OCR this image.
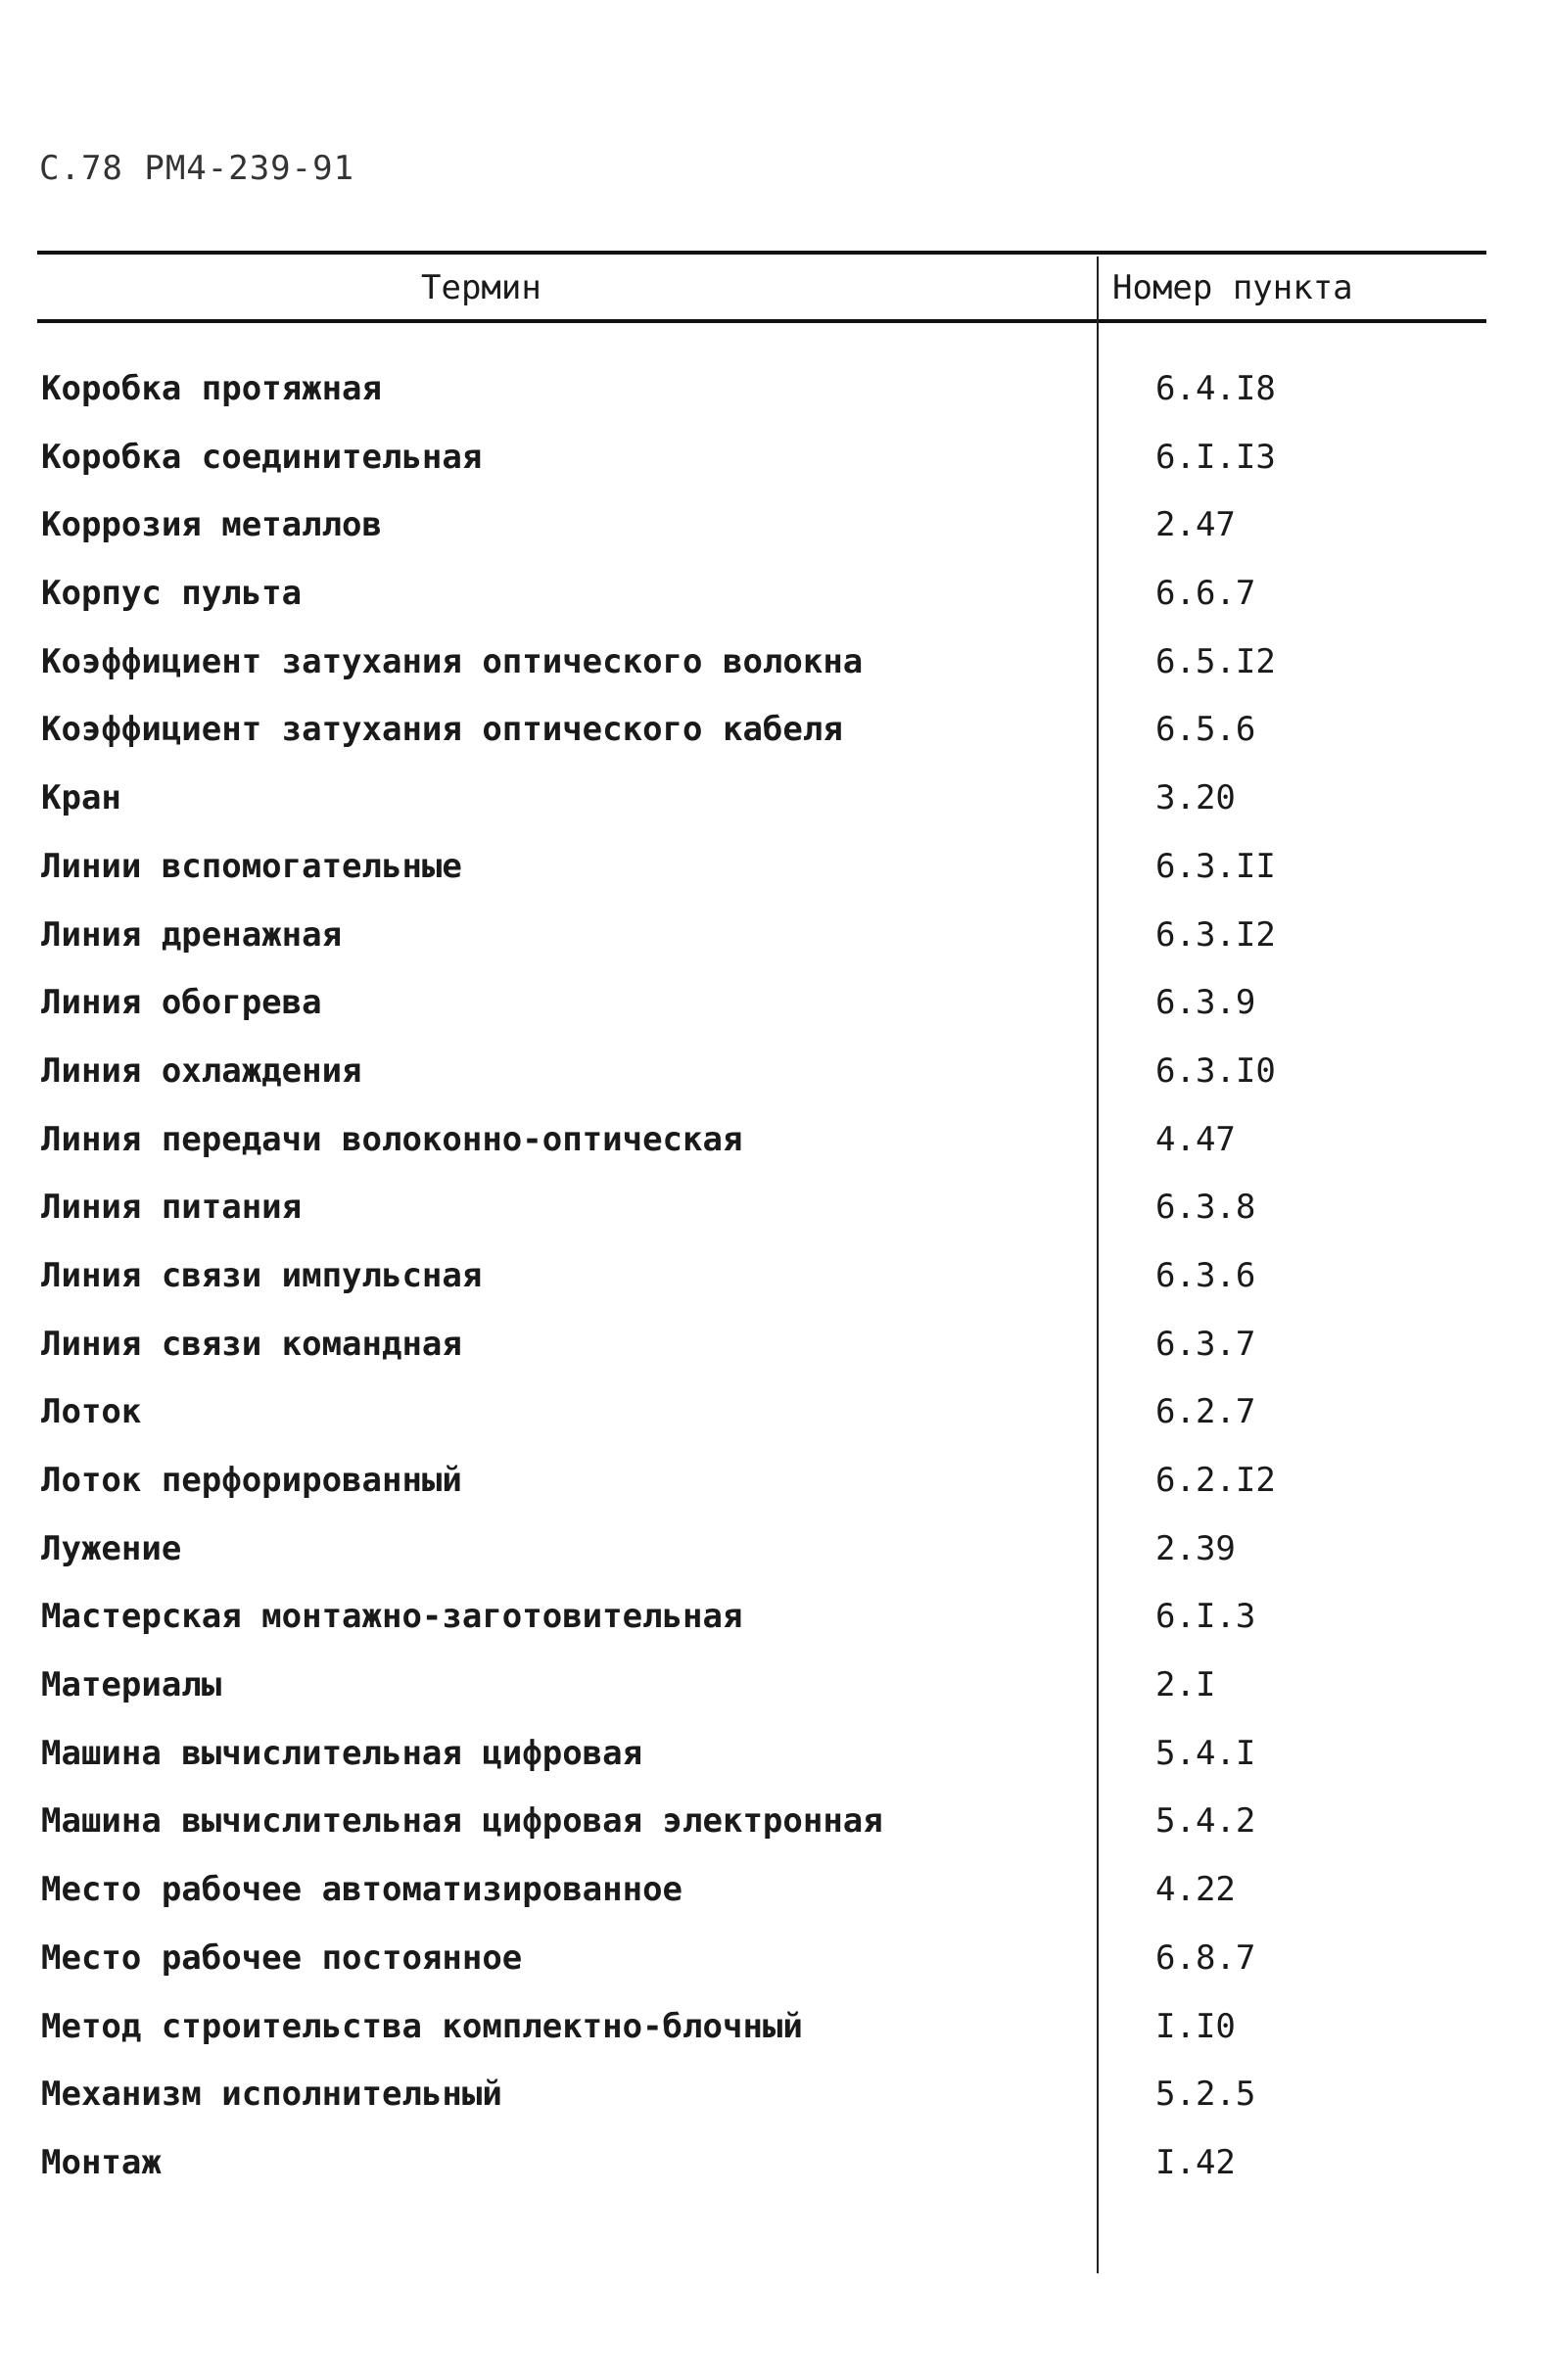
С.78 РМ4-239-91
Термин	Номер пункта
Коробка протяжная	6.4.I8
Коробка соединительная	6.I.I3
Коррозия металлов	2.47
Корпус пульта	6.6.7
Коэффициент затухания оптического волокна	6.5.I2
Коэффициент затухания оптического кабеля	6.5.6
Кран	3.20
Линии вспомогательные	6.3.II
Линия дренажная	6.3.I2
Линия обогрева	6.3.9
Линия охлаждения	6.3.I0
Линия передачи волоконно-оптическая	4.47
Линия питания	6.3.8
Линия связи импульсная	6.3.6
Линия связи командная	6.3.7
Лоток	6.2.7
Лоток перфорированный	6.2.I2
Лужение	2.39
Мастерская монтажно-заготовительная	6.I.3
Материалы	2.I
Машина вычислительная цифровая	5.4.I
Машина вычислительная цифровая электронная	5.4.2
Место рабочее автоматизированное	4.22
Место рабочее постоянное	6.8.7
Метод строительства комплектно-блочный	I.I0
Механизм исполнительный	5.2.5
Монтаж	I.42
